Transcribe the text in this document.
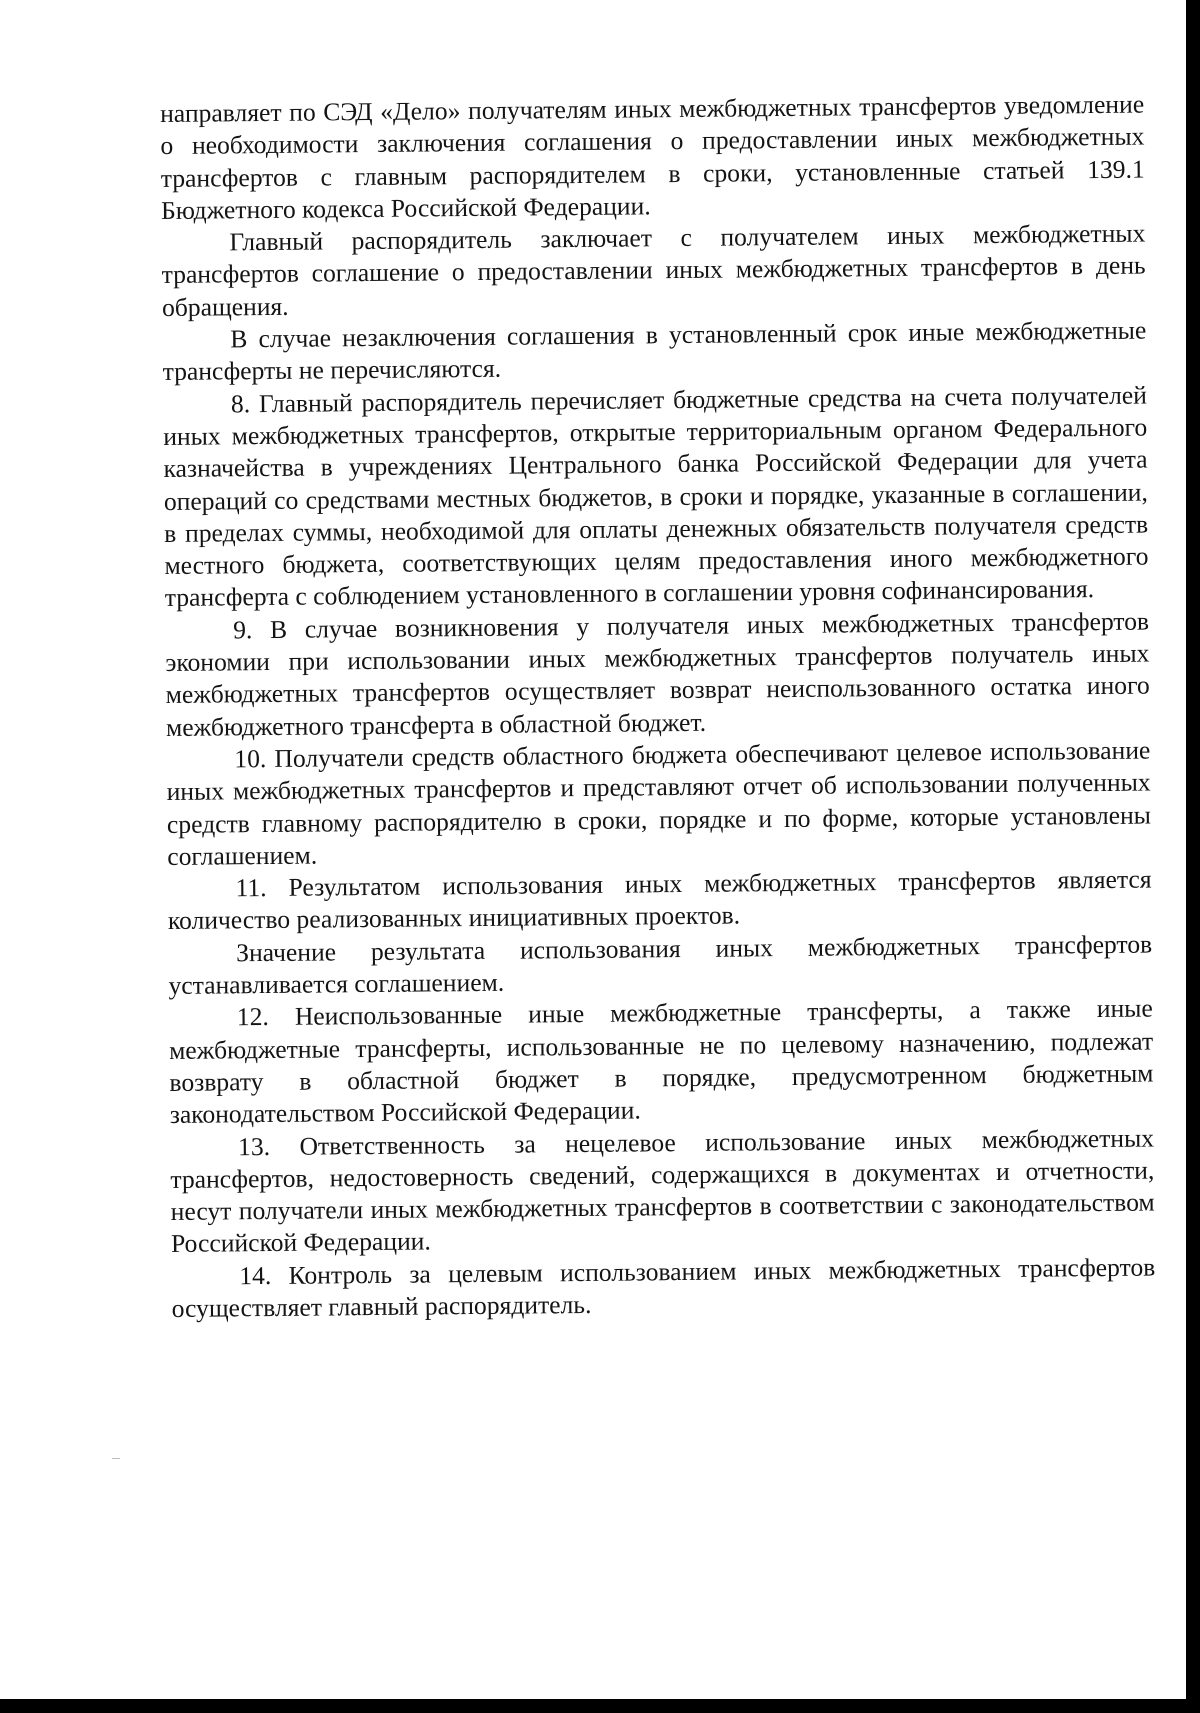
направляет по СЭД «Дело» получателям иных межбюджетных трансфертов уведомление о необходимости заключения соглашения о предоставлении иных межбюджетных трансфертов с главным распорядителем в сроки, установленные статьей 139.1 Бюджетного кодекса Российской Федерации.

Главный распорядитель заключает с получателем иных межбюджетных трансфертов соглашение о предоставлении иных межбюджетных трансфертов в день обращения.

В случае незаключения соглашения в установленный срок иные межбюджетные трансферты не перечисляются.

8. Главный распорядитель перечисляет бюджетные средства на счета получателей иных межбюджетных трансфертов, открытые территориальным органом Федерального казначейства в учреждениях Центрального банка Российской Федерации для учета операций со средствами местных бюджетов, в сроки и порядке, указанные в соглашении, в пределах суммы, необходимой для оплаты денежных обязательств получателя средств местного бюджета, соответствующих целям предоставления иного межбюджетного трансферта с соблюдением установленного в соглашении уровня софинансирования.

9. В случае возникновения у получателя иных межбюджетных трансфертов экономии при использовании иных межбюджетных трансфертов получатель иных межбюджетных трансфертов осуществляет возврат неиспользованного остатка иного межбюджетного трансферта в областной бюджет.

10. Получатели средств областного бюджета обеспечивают целевое использование иных межбюджетных трансфертов и представляют отчет об использовании полученных средств главному распорядителю в сроки, порядке и по форме, которые установлены соглашением.

11. Результатом использования иных межбюджетных трансфертов является количество реализованных инициативных проектов.

Значение результата использования иных межбюджетных трансфертов устанавливается соглашением.

12. Неиспользованные иные межбюджетные трансферты, а также иные межбюджетные трансферты, использованные не по целевому назначению, подлежат возврату в областной бюджет в порядке, предусмотренном бюджетным законодательством Российской Федерации.

13. Ответственность за нецелевое использование иных межбюджетных трансфертов, недостоверность сведений, содержащихся в документах и отчетности, несут получатели иных межбюджетных трансфертов в соответствии с законодательством Российской Федерации.

14. Контроль за целевым использованием иных межбюджетных трансфертов осуществляет главный распорядитель.
